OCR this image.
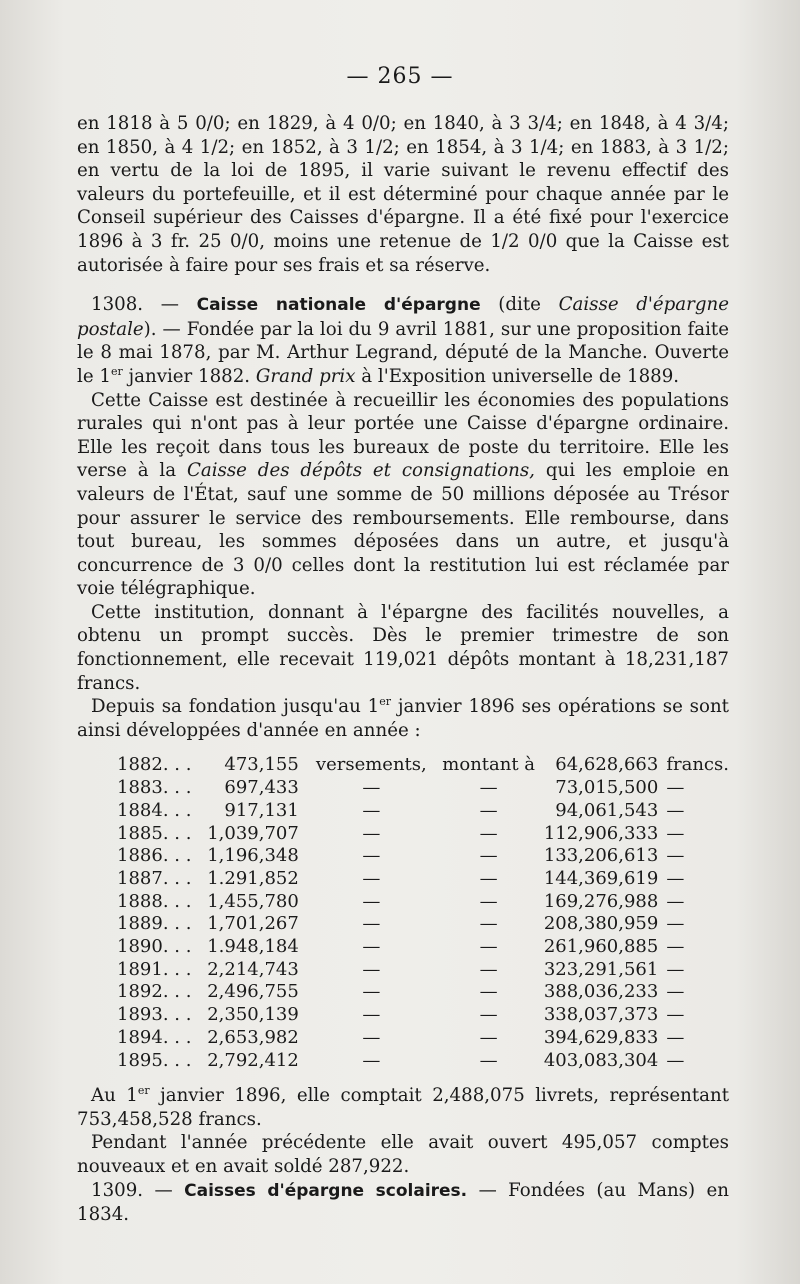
— 265 —

en 1818 à 5 0/0; en 1829, à 4 0/0; en 1840, à 3 3/4; en 1848, à 4 3/4; en 1850, à 4 1/2; en 1852, à 3 1/2; en 1854, à 3 1/4; en 1883, à 3 1/2; en vertu de la loi de 1895, il varie suivant le revenu effectif des valeurs du portefeuille, et il est déterminé pour chaque année par le Conseil supérieur des Caisses d'épargne. Il a été fixé pour l'exercice 1896 à 3 fr. 25 0/0, moins une retenue de 1/2 0/0 que la Caisse est autorisée à faire pour ses frais et sa réserve.

1308. — Caisse nationale d'épargne (dite Caisse d'épargne postale). — Fondée par la loi du 9 avril 1881, sur une proposition faite le 8 mai 1878, par M. Arthur Legrand, député de la Manche. Ouverte le 1er janvier 1882. Grand prix à l'Exposition universelle de 1889.

Cette Caisse est destinée à recueillir les économies des populations rurales qui n'ont pas à leur portée une Caisse d'épargne ordinaire. Elle les reçoit dans tous les bureaux de poste du territoire. Elle les verse à la Caisse des dépôts et consignations, qui les emploie en valeurs de l'État, sauf une somme de 50 millions déposée au Trésor pour assurer le service des remboursements. Elle rembourse, dans tout bureau, les sommes déposées dans un autre, et jusqu'à concurrence de 3 0/0 celles dont la restitution lui est réclamée par voie télégraphique.

Cette institution, donnant à l'épargne des facilités nouvelles, a obtenu un prompt succès. Dès le premier trimestre de son fonctionnement, elle recevait 119,021 dépôts montant à 18,231,187 francs.

Depuis sa fondation jusqu'au 1er janvier 1896 ses opérations se sont ainsi développées d'année en année :

1882. . .	473,155	versements,	montant à	64,628,663	francs.
1883. . .	697,433	—	—	73,015,500	—
1884. . .	917,131	—	—	94,061,543	—
1885. . .	1,039,707	—	—	112,906,333	—
1886. . .	1,196,348	—	—	133,206,613	—
1887. . .	1.291,852	—	—	144,369,619	—
1888. . .	1,455,780	—	—	169,276,988	—
1889. . .	1,701,267	—	—	208,380,959	—
1890. . .	1.948,184	—	—	261,960,885	—
1891. . .	2,214,743	—	—	323,291,561	—
1892. . .	2,496,755	—	—	388,036,233	—
1893. . .	2,350,139	—	—	338,037,373	—
1894. . .	2,653,982	—	—	394,629,833	—
1895. . .	2,792,412	—	—	403,083,304	—

Au 1er janvier 1896, elle comptait 2,488,075 livrets, représentant 753,458,528 francs.

Pendant l'année précédente elle avait ouvert 495,057 comptes nouveaux et en avait soldé 287,922.

1309. — Caisses d'épargne scolaires. — Fondées (au Mans) en 1834.
